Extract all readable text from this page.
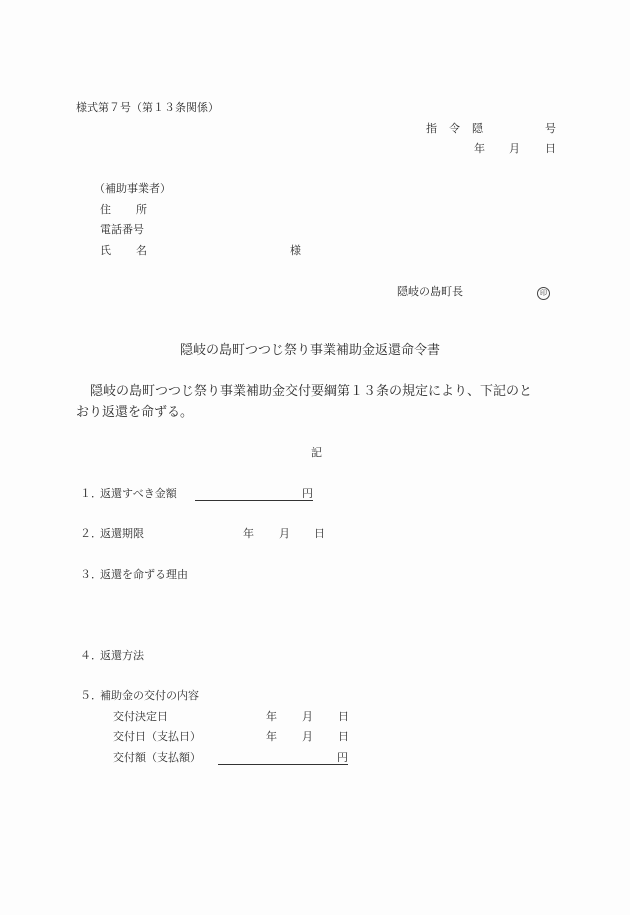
様式第７号（第１３条関係）
指 令 隠	号
年 月 日
（補助事業者）
住 所
電話番号
氏 名	様
隠岐の島町長	印
隠岐の島町つつじ祭り事業補助金返還命令書
隠岐の島町つつじ祭り事業補助金交付要綱第１３条の規定により、下記のと
おり返還を命ずる。
記
１．
返還すべき金額	円
２．
返還期限	年 月 日
３．
返還を命ずる理由
４．
返還方法
５．
補助金の交付の内容
交付決定日	年 月 日
交付日（支払日）	年 月 日
交付額（支払額）	円
